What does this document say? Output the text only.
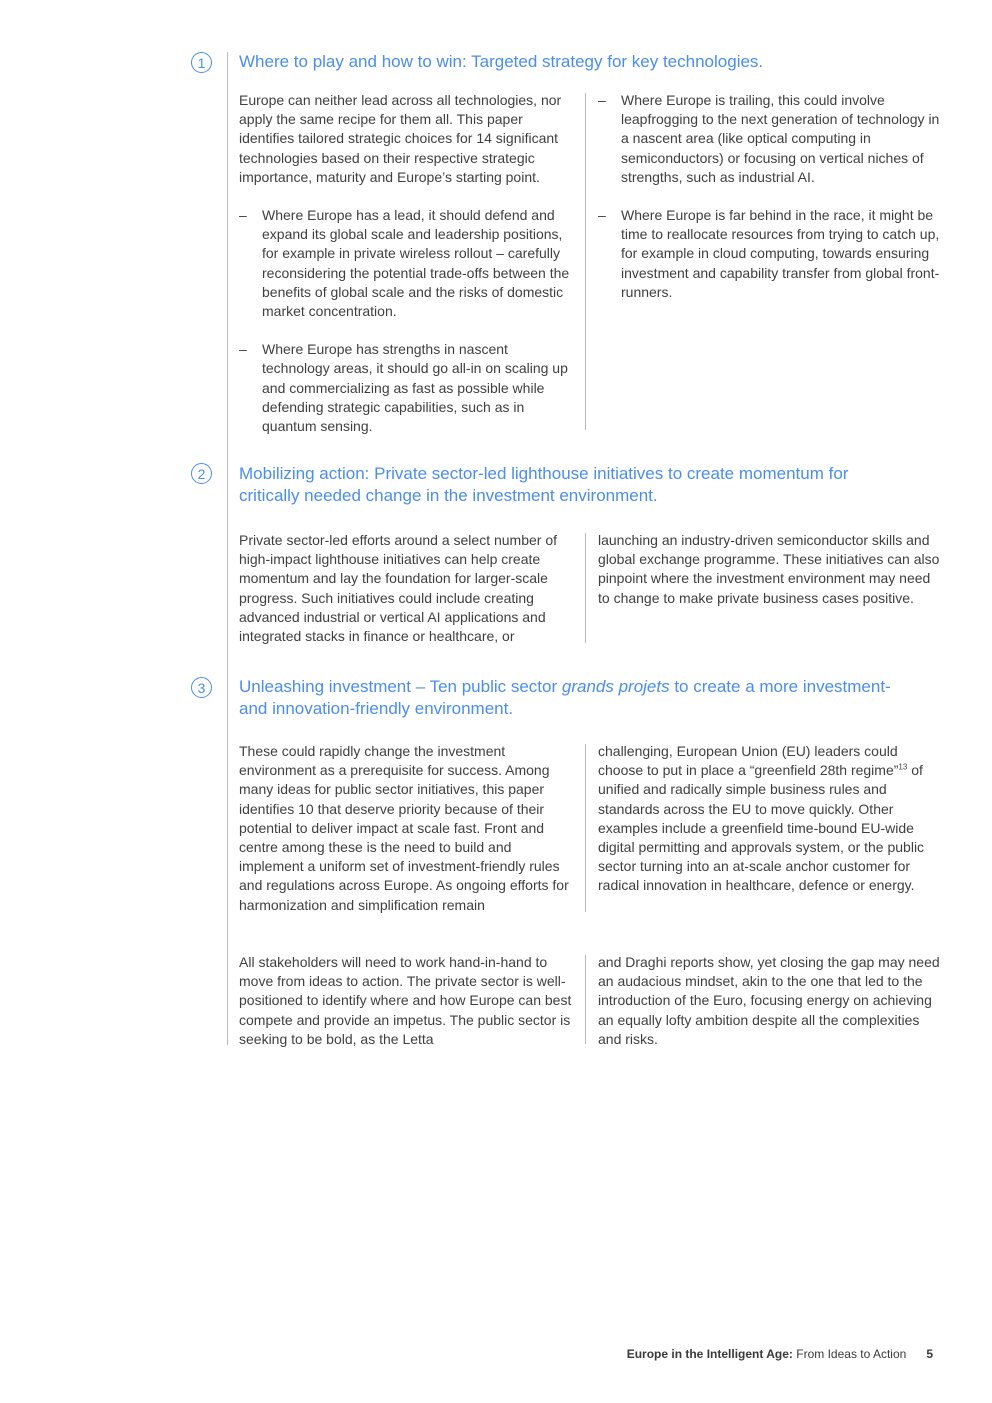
1	Where to play and how to win: Targeted strategy for key technologies.

Europe can neither lead across all technologies, nor apply the same recipe for them all. This paper identifies tailored strategic choices for 14 significant technologies based on their respective strategic importance, maturity and Europe’s starting point.

– Where Europe has a lead, it should defend and expand its global scale and leadership positions, for example in private wireless rollout – carefully reconsidering the potential trade-offs between the benefits of global scale and the risks of domestic market concentration.
– Where Europe has strengths in nascent technology areas, it should go all-in on scaling up and commercializing as fast as possible while defending strategic capabilities, such as in quantum sensing.
– Where Europe is trailing, this could involve leapfrogging to the next generation of technology in a nascent area (like optical computing in semiconductors) or focusing on vertical niches of strengths, such as industrial AI.
– Where Europe is far behind in the race, it might be time to reallocate resources from trying to catch up, for example in cloud computing, towards ensuring investment and capability transfer from global front-runners.
2	Mobilizing action: Private sector-led lighthouse initiatives to create momentum for critically needed change in the investment environment.
Private sector-led efforts around a select number of high-impact lighthouse initiatives can help create momentum and lay the foundation for larger-scale progress. Such initiatives could include creating advanced industrial or vertical AI applications and integrated stacks in finance or healthcare, or
launching an industry-driven semiconductor skills and global exchange programme. These initiatives can also pinpoint where the investment environment may need to change to make private business cases positive.
3	Unleashing investment – Ten public sector grands projets to create a more investment- and innovation-friendly environment.
These could rapidly change the investment environment as a prerequisite for success. Among many ideas for public sector initiatives, this paper identifies 10 that deserve priority because of their potential to deliver impact at scale fast. Front and centre among these is the need to build and implement a uniform set of investment-friendly rules and regulations across Europe. As ongoing efforts for harmonization and simplification remain
challenging, European Union (EU) leaders could choose to put in place a “greenfield 28th regime”$^{13}$ of unified and radically simple business rules and standards across the EU to move quickly. Other examples include a greenfield time-bound EU-wide digital permitting and approvals system, or the public sector turning into an at-scale anchor customer for radical innovation in healthcare, defence or energy.
All stakeholders will need to work hand-in-hand to move from ideas to action. The private sector is well-positioned to identify where and how Europe can best compete and provide an impetus. The public sector is seeking to be bold, as the Letta
and Draghi reports show, yet closing the gap may need an audacious mindset, akin to the one that led to the introduction of the Euro, focusing energy on achieving an equally lofty ambition despite all the complexities and risks.
Europe in the Intelligent Age: From Ideas to Action 5
